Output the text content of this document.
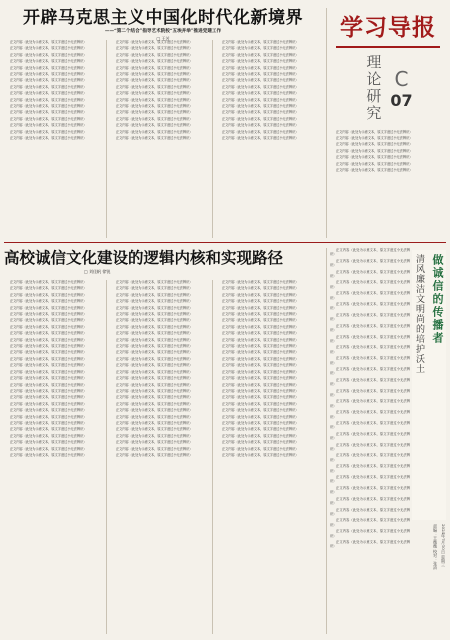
开辟马克思主义中国化时代化新境界
——“第二个结合”指导艺术院校“五埃并举”推进党建工作
□ 王芳

正文内容（此处为示意文本，原文字迹过小无法辨识）

正文内容（此处为示意文本，原文字迹过小无法辨识）

正文内容（此处为示意文本，原文字迹过小无法辨识）

正文内容（此处为示意文本，原文字迹过小无法辨识）

正文内容（此处为示意文本，原文字迹过小无法辨识）

正文内容（此处为示意文本，原文字迹过小无法辨识）

正文内容（此处为示意文本，原文字迹过小无法辨识）

正文内容（此处为示意文本，原文字迹过小无法辨识）

正文内容（此处为示意文本，原文字迹过小无法辨识）

正文内容（此处为示意文本，原文字迹过小无法辨识）

正文内容（此处为示意文本，原文字迹过小无法辨识）

正文内容（此处为示意文本，原文字迹过小无法辨识）

正文内容（此处为示意文本，原文字迹过小无法辨识）

正文内容（此处为示意文本，原文字迹过小无法辨识）

正文内容（此处为示意文本，原文字迹过小无法辨识）

正文内容（此处为示意文本，原文字迹过小无法辨识）

正文内容（此处为示意文本，原文字迹过小无法辨识）

正文内容（此处为示意文本，原文字迹过小无法辨识）

正文内容（此处为示意文本，原文字迹过小无法辨识）

正文内容（此处为示意文本，原文字迹过小无法辨识）

正文内容（此处为示意文本，原文字迹过小无法辨识）

正文内容（此处为示意文本，原文字迹过小无法辨识）

正文内容（此处为示意文本，原文字迹过小无法辨识）

正文内容（此处为示意文本，原文字迹过小无法辨识）

正文内容（此处为示意文本，原文字迹过小无法辨识）

正文内容（此处为示意文本，原文字迹过小无法辨识）

正文内容（此处为示意文本，原文字迹过小无法辨识）

正文内容（此处为示意文本，原文字迹过小无法辨识）

正文内容（此处为示意文本，原文字迹过小无法辨识）

正文内容（此处为示意文本，原文字迹过小无法辨识）

正文内容（此处为示意文本，原文字迹过小无法辨识）

正文内容（此处为示意文本，原文字迹过小无法辨识）

正文内容（此处为示意文本，原文字迹过小无法辨识）

正文内容（此处为示意文本，原文字迹过小无法辨识）

正文内容（此处为示意文本，原文字迹过小无法辨识）

正文内容（此处为示意文本，原文字迹过小无法辨识）

正文内容（此处为示意文本，原文字迹过小无法辨识）

正文内容（此处为示意文本，原文字迹过小无法辨识）

正文内容（此处为示意文本，原文字迹过小无法辨识）

正文内容（此处为示意文本，原文字迹过小无法辨识）

正文内容（此处为示意文本，原文字迹过小无法辨识）

正文内容（此处为示意文本，原文字迹过小无法辨识）

正文内容（此处为示意文本，原文字迹过小无法辨识）

正文内容（此处为示意文本，原文字迹过小无法辨识）

正文内容（此处为示意文本，原文字迹过小无法辨识）

正文内容（此处为示意文本，原文字迹过小无法辨识）

正文内容（此处为示意文本，原文字迹过小无法辨识）

正文内容（此处为示意文本，原文字迹过小无法辨识）

学习导报
理论研究 C
07

正文内容（此处为示意文本，原文字迹过小无法辨识）

正文内容（此处为示意文本，原文字迹过小无法辨识）

正文内容（此处为示意文本，原文字迹过小无法辨识）

正文内容（此处为示意文本，原文字迹过小无法辨识）

正文内容（此处为示意文本，原文字迹过小无法辨识）

正文内容（此处为示意文本，原文字迹过小无法辨识）

正文内容（此处为示意文本，原文字迹过小无法辨识）

高校诚信文化建设的逻辑内核和实现路径
□ 刘佳帆 徐锐

正文内容（此处为示意文本，原文字迹过小无法辨识）

正文内容（此处为示意文本，原文字迹过小无法辨识）

正文内容（此处为示意文本，原文字迹过小无法辨识）

正文内容（此处为示意文本，原文字迹过小无法辨识）

正文内容（此处为示意文本，原文字迹过小无法辨识）

正文内容（此处为示意文本，原文字迹过小无法辨识）

正文内容（此处为示意文本，原文字迹过小无法辨识）

正文内容（此处为示意文本，原文字迹过小无法辨识）

正文内容（此处为示意文本，原文字迹过小无法辨识）

正文内容（此处为示意文本，原文字迹过小无法辨识）

正文内容（此处为示意文本，原文字迹过小无法辨识）

正文内容（此处为示意文本，原文字迹过小无法辨识）

正文内容（此处为示意文本，原文字迹过小无法辨识）

正文内容（此处为示意文本，原文字迹过小无法辨识）

正文内容（此处为示意文本，原文字迹过小无法辨识）

正文内容（此处为示意文本，原文字迹过小无法辨识）

正文内容（此处为示意文本，原文字迹过小无法辨识）

正文内容（此处为示意文本，原文字迹过小无法辨识）

正文内容（此处为示意文本，原文字迹过小无法辨识）

正文内容（此处为示意文本，原文字迹过小无法辨识）

正文内容（此处为示意文本，原文字迹过小无法辨识）

正文内容（此处为示意文本，原文字迹过小无法辨识）

正文内容（此处为示意文本，原文字迹过小无法辨识）

正文内容（此处为示意文本，原文字迹过小无法辨识）

正文内容（此处为示意文本，原文字迹过小无法辨识）

正文内容（此处为示意文本，原文字迹过小无法辨识）

正文内容（此处为示意文本，原文字迹过小无法辨识）

正文内容（此处为示意文本，原文字迹过小无法辨识）

正文内容（此处为示意文本，原文字迹过小无法辨识）

正文内容（此处为示意文本，原文字迹过小无法辨识）

正文内容（此处为示意文本，原文字迹过小无法辨识）

正文内容（此处为示意文本，原文字迹过小无法辨识）

正文内容（此处为示意文本，原文字迹过小无法辨识）

正文内容（此处为示意文本，原文字迹过小无法辨识）

正文内容（此处为示意文本，原文字迹过小无法辨识）

正文内容（此处为示意文本，原文字迹过小无法辨识）

正文内容（此处为示意文本，原文字迹过小无法辨识）

正文内容（此处为示意文本，原文字迹过小无法辨识）

正文内容（此处为示意文本，原文字迹过小无法辨识）

正文内容（此处为示意文本，原文字迹过小无法辨识）

正文内容（此处为示意文本，原文字迹过小无法辨识）

正文内容（此处为示意文本，原文字迹过小无法辨识）

正文内容（此处为示意文本，原文字迹过小无法辨识）

正文内容（此处为示意文本，原文字迹过小无法辨识）

正文内容（此处为示意文本，原文字迹过小无法辨识）

正文内容（此处为示意文本，原文字迹过小无法辨识）

正文内容（此处为示意文本，原文字迹过小无法辨识）

正文内容（此处为示意文本，原文字迹过小无法辨识）

正文内容（此处为示意文本，原文字迹过小无法辨识）

正文内容（此处为示意文本，原文字迹过小无法辨识）

正文内容（此处为示意文本，原文字迹过小无法辨识）

正文内容（此处为示意文本，原文字迹过小无法辨识）

正文内容（此处为示意文本，原文字迹过小无法辨识）

正文内容（此处为示意文本，原文字迹过小无法辨识）

正文内容（此处为示意文本，原文字迹过小无法辨识）

正文内容（此处为示意文本，原文字迹过小无法辨识）

正文内容（此处为示意文本，原文字迹过小无法辨识）

正文内容（此处为示意文本，原文字迹过小无法辨识）

正文内容（此处为示意文本，原文字迹过小无法辨识）

正文内容（此处为示意文本，原文字迹过小无法辨识）

正文内容（此处为示意文本，原文字迹过小无法辨识）

正文内容（此处为示意文本，原文字迹过小无法辨识）

正文内容（此处为示意文本，原文字迹过小无法辨识）

正文内容（此处为示意文本，原文字迹过小无法辨识）

正文内容（此处为示意文本，原文字迹过小无法辨识）

正文内容（此处为示意文本，原文字迹过小无法辨识）

正文内容（此处为示意文本，原文字迹过小无法辨识）

正文内容（此处为示意文本，原文字迹过小无法辨识）

正文内容（此处为示意文本，原文字迹过小无法辨识）

正文内容（此处为示意文本，原文字迹过小无法辨识）

正文内容（此处为示意文本，原文字迹过小无法辨识）

正文内容（此处为示意文本，原文字迹过小无法辨识）

正文内容（此处为示意文本，原文字迹过小无法辨识）

正文内容（此处为示意文本，原文字迹过小无法辨识）

正文内容（此处为示意文本，原文字迹过小无法辨识）

正文内容（此处为示意文本，原文字迹过小无法辨识）

正文内容（此处为示意文本，原文字迹过小无法辨识）

正文内容（此处为示意文本，原文字迹过小无法辨识）

正文内容（此处为示意文本，原文字迹过小无法辨识）

正文内容（此处为示意文本，原文字迹过小无法辨识）

正文内容（此处为示意文本，原文字迹过小无法辨识）

正文内容（此处为示意文本，原文字迹过小无法辨识）

正文内容（此处为示意文本，原文字迹过小无法辨识）

正文内容（此处为示意文本，原文字迹过小无法辨识）

正文内容（此处为示意文本，原文字迹过小无法辨识）

正文内容（此处为示意文本，原文字迹过小无法辨识）

正文内容（此处为示意文本，原文字迹过小无法辨识）

正文内容（此处为示意文本，原文字迹过小无法辨识）

正文内容（此处为示意文本，原文字迹过小无法辨识）

正文内容（此处为示意文本，原文字迹过小无法辨识）

正文内容（此处为示意文本，原文字迹过小无法辨识）

正文内容（此处为示意文本，原文字迹过小无法辨识）

正文内容（此处为示意文本，原文字迹过小无法辨识）

正文内容（此处为示意文本，原文字迹过小无法辨识）

正文内容（此处为示意文本，原文字迹过小无法辨识）

正文内容（此处为示意文本，原文字迹过小无法辨识）

正文内容（此处为示意文本，原文字迹过小无法辨识）

正文内容（此处为示意文本，原文字迹过小无法辨识）

正文内容（此处为示意文本，原文字迹过小无法辨识）

正文内容（此处为示意文本，原文字迹过小无法辨识）

正文内容（此处为示意文本，原文字迹过小无法辨识）

正文内容（此处为示意文本，原文字迹过小无法辨识）

正文内容（此处为示意文本，原文字迹过小无法辨识）

正文内容（此处为示意文本，原文字迹过小无法辨识）

正文内容（此处为示意文本，原文字迹过小无法辨识）

正文内容（此处为示意文本，原文字迹过小无法辨识）

正文内容（此处为示意文本，原文字迹过小无法辨识）

正文内容（此处为示意文本，原文字迹过小无法辨识）

正文内容（此处为示意文本，原文字迹过小无法辨识）

正文内容（此处为示意文本，原文字迹过小无法辨识）

正文内容（此处为示意文本，原文字迹过小无法辨识）

正文内容（此处为示意文本，原文字迹过小无法辨识）

做诚信的传播者
清风廉洁文明尚的培护沃土
2024年7月10日 星期三
责编：王薇薇 校对：张清
